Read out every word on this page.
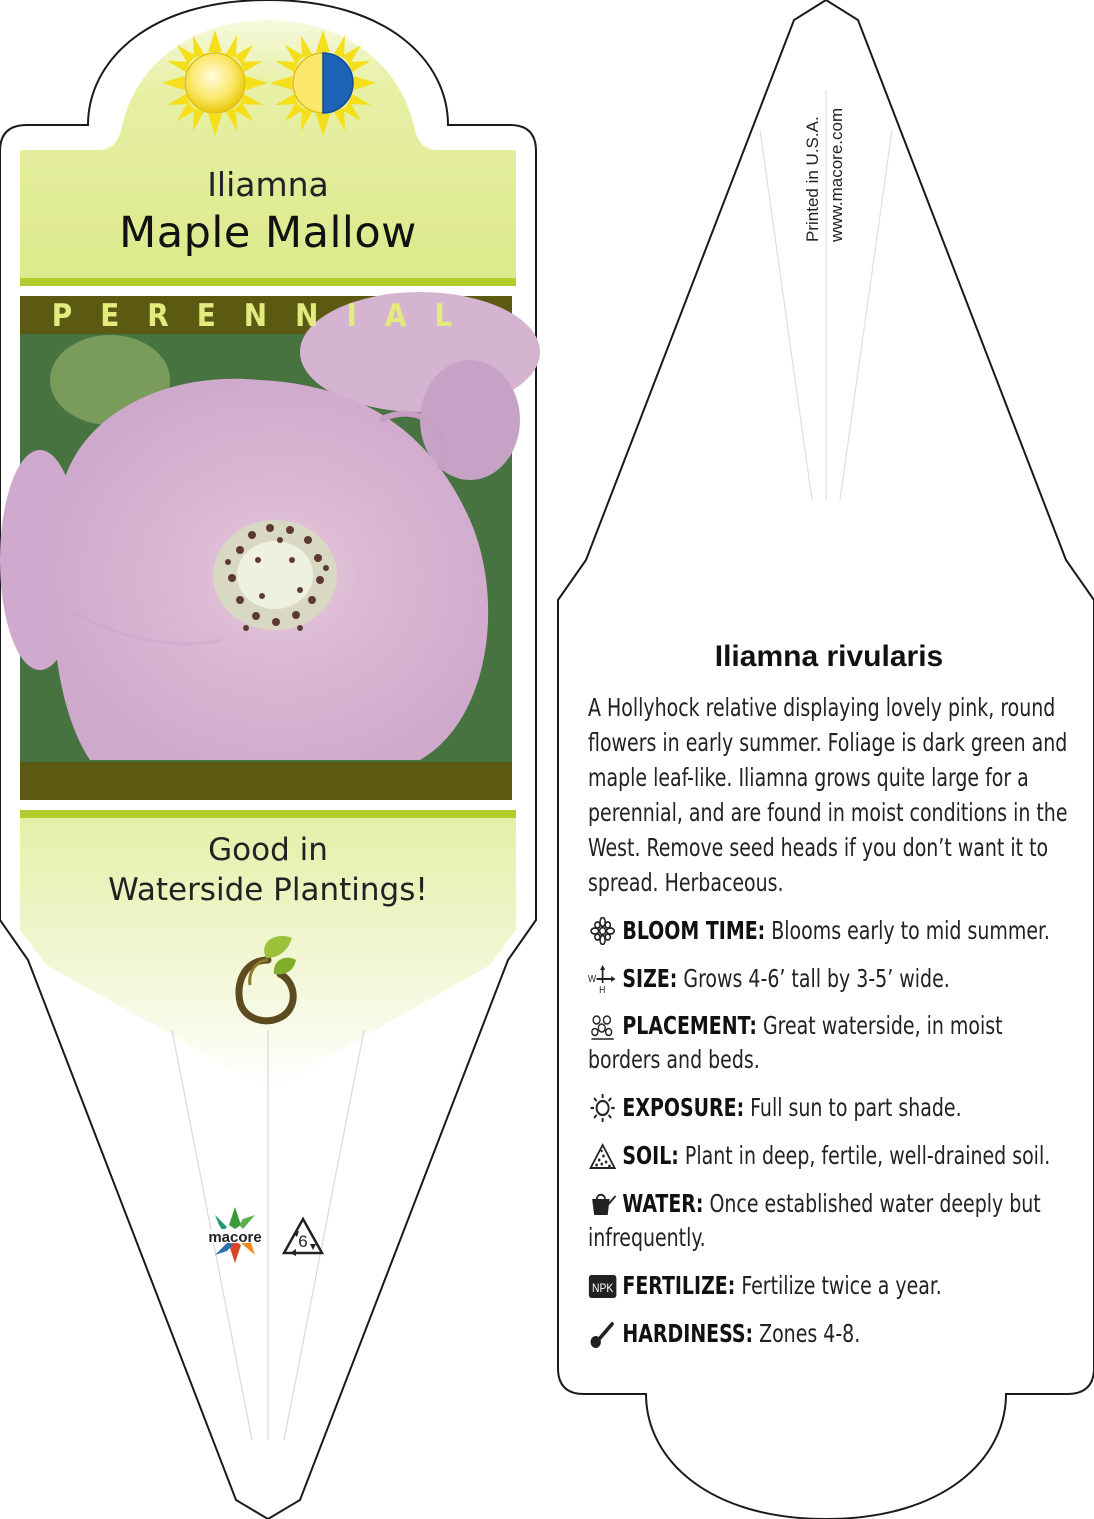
Iliamna
Maple Mallow
PERENNIAL
Good in
Waterside Plantings!
macore	6
Printed in U.S.A. www.macore.com
Iliamna rivularis
A Hollyhock relative displaying lovely pink, round flowers in early summer. Foliage is dark green and maple leaf-like. Iliamna grows quite large for a perennial, and are found in moist conditions in the West. Remove seed heads if you don’t want it to spread. Herbaceous.
BLOOM TIME: Blooms early to mid summer.
W
H SIZE: Grows 4-6’ tall by 3-5’ wide.
PLACEMENT: Great waterside, in moist borders and beds.
EXPOSURE: Full sun to part shade.
SOIL: Plant in deep, fertile, well-drained soil.
WATER: Once established water deeply but infrequently.
NPK FERTILIZE: Fertilize twice a year.
HARDINESS: Zones 4-8.
